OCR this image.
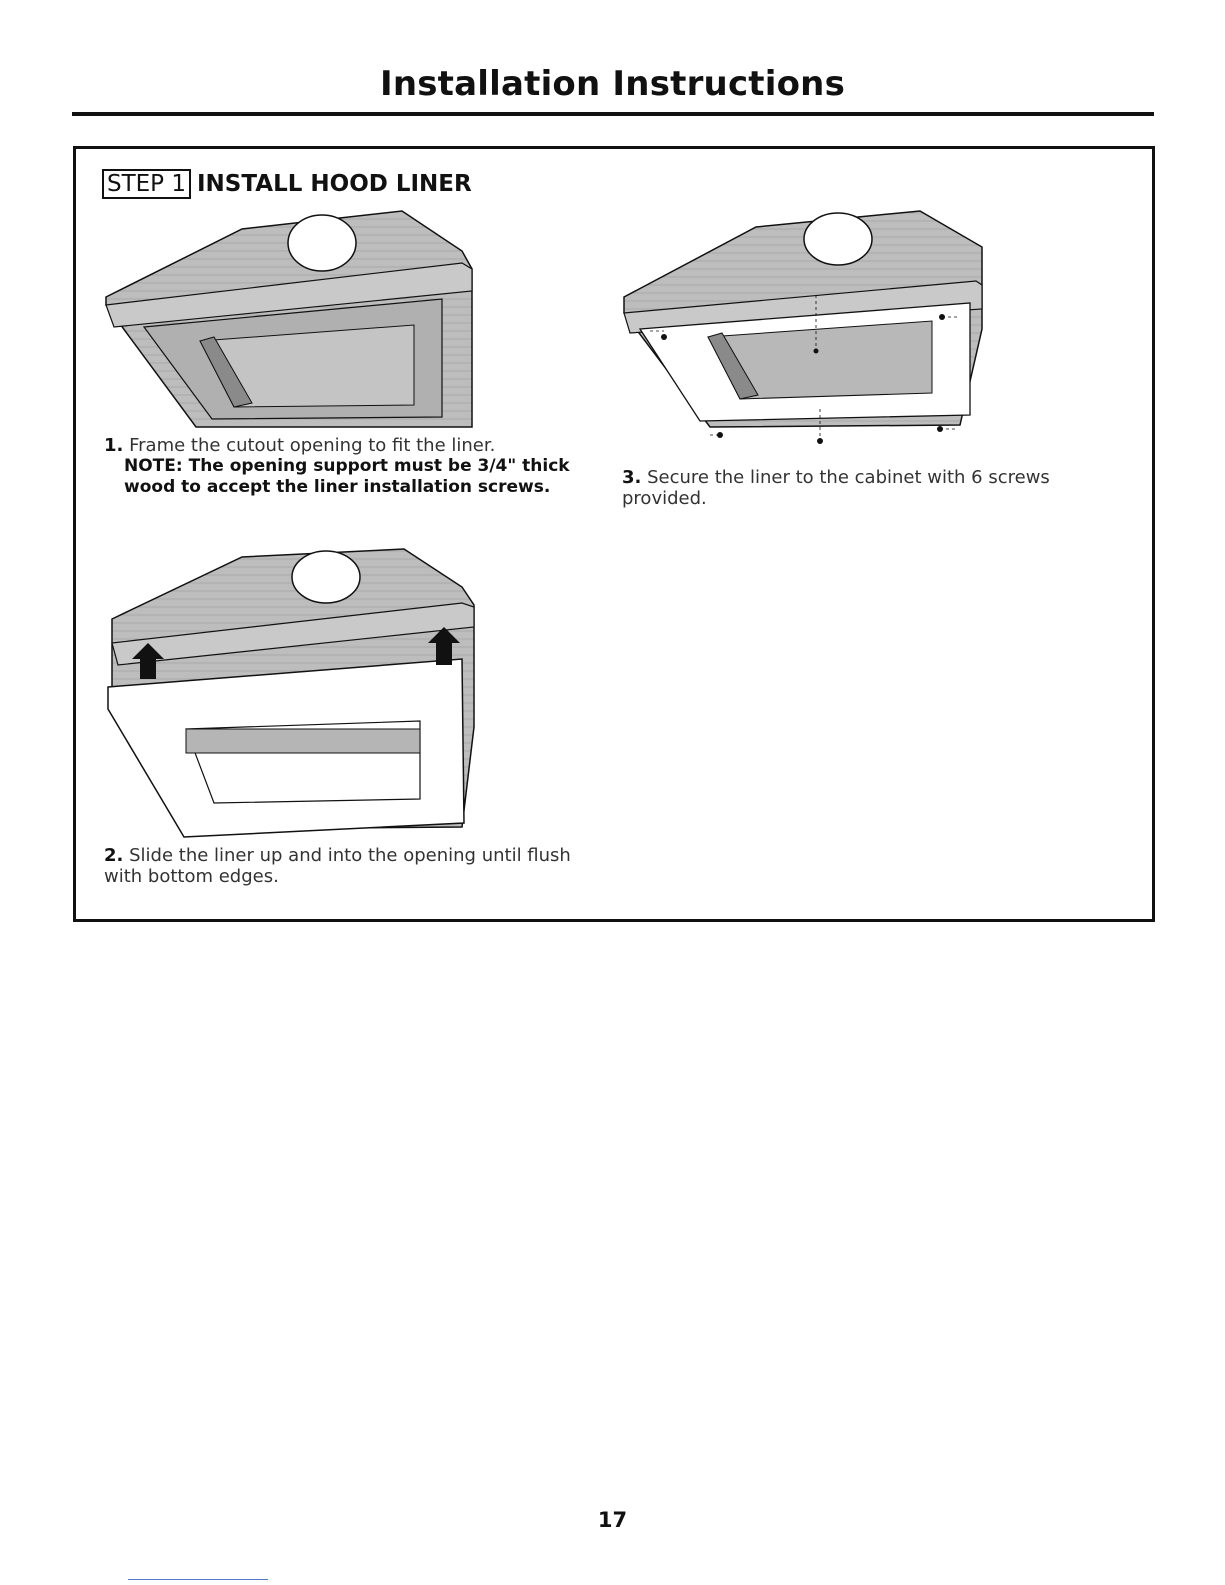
Installation Instructions
STEP 1 INSTALL HOOD LINER
1. Frame the cutout opening to fit the liner.
NOTE: The opening support must be 3/4" thick wood to accept the liner installation screws.
2. Slide the liner up and into the opening until flush with bottom edges.
3. Secure the liner to the cabinet with 6 screws provided.
17
